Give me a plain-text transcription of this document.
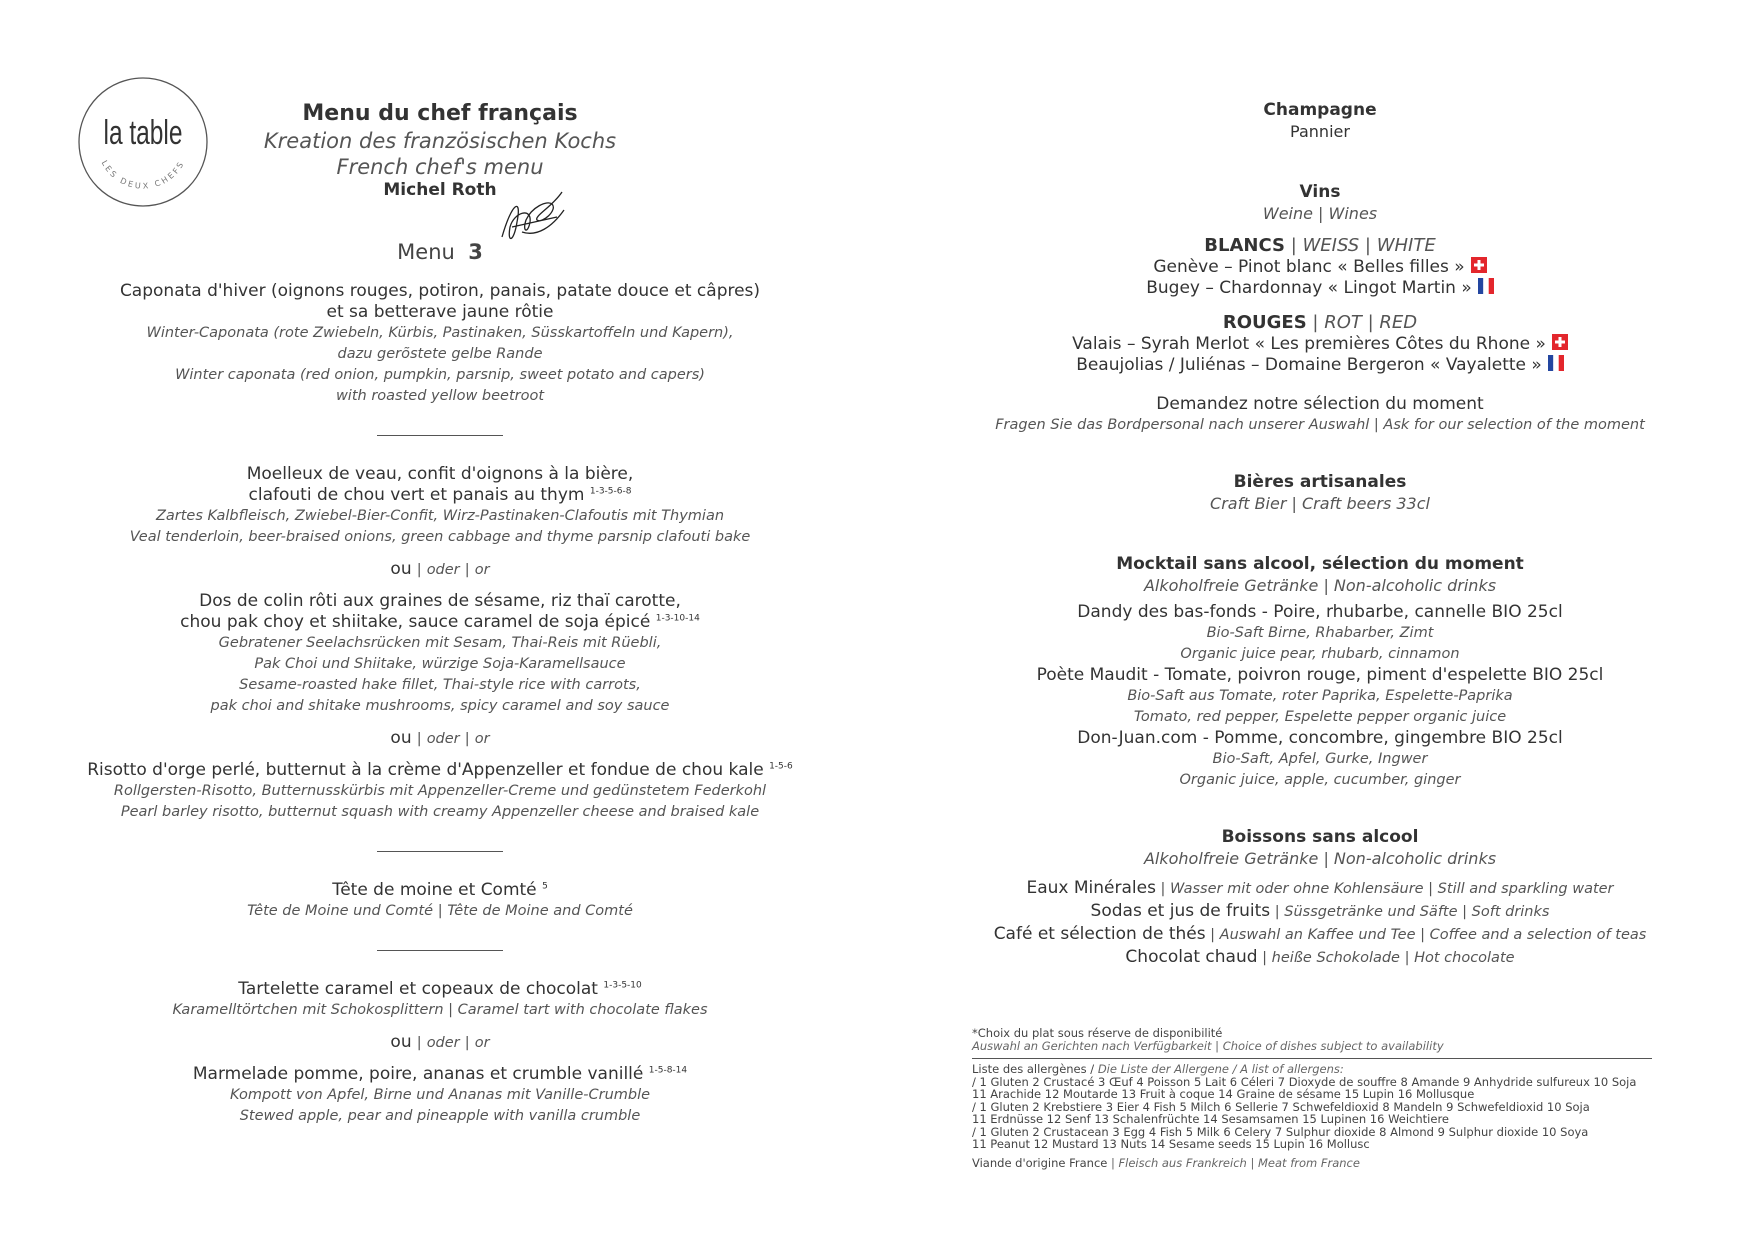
LES DEUX CHEFS
la table
Menu du chef français
Kreation des französischen Kochs
French chef's menu
Michel Roth
Menu 3
Caponata d'hiver (oignons rouges, potiron, panais, patate douce et câpres)
et sa betterave jaune rôtie
Winter-Caponata (rote Zwiebeln, Kürbis, Pastinaken, Süsskartoffeln und Kapern),
dazu gerõstete gelbe Rande
Winter caponata (red onion, pumpkin, parsnip, sweet potato and capers)
with roasted yellow beetroot
Moelleux de veau, confit d'oignons à la bière,
clafouti de chou vert et panais au thym $^{1-3-5-6-8}$
Zartes Kalbfleisch, Zwiebel-Bier-Confit, Wirz-Pastinaken-Clafoutis mit Thymian
Veal tenderloin, beer-braised onions, green cabbage and thyme parsnip clafouti bake
ou | oder | or
Dos de colin rôti aux graines de sésame, riz thaï carotte,
chou pak choy et shiitake, sauce caramel de soja épicé $^{1-3-10-14}$
Gebratener Seelachsrücken mit Sesam, Thai-Reis mit Rüebli,
Pak Choi und Shiitake, würzige Soja-Karamellsauce
Sesame-roasted hake fillet, Thai-style rice with carrots,
pak choi and shitake mushrooms, spicy caramel and soy sauce
ou | oder | or
Risotto d'orge perlé, butternut à la crème d'Appenzeller et fondue de chou kale $^{1-5-6}$
Rollgersten-Risotto, Butternusskürbis mit Appenzeller-Creme und gedünstetem Federkohl
Pearl barley risotto, butternut squash with creamy Appenzeller cheese and braised kale
Tête de moine et Comté $^5$
Tête de Moine und Comté | Tête de Moine and Comté
Tartelette caramel et copeaux de chocolat $^{1-3-5-10}$
Karamelltörtchen mit Schokosplittern | Caramel tart with chocolate flakes
ou | oder | or
Marmelade pomme, poire, ananas et crumble vanillé $^{1-5-8-14}$
Kompott von Apfel, Birne und Ananas mit Vanille-Crumble
Stewed apple, pear and pineapple with vanilla crumble
Champagne
Pannier
Vins
Weine | Wines
BLANCS | WEISS | WHITE
Genève – Pinot blanc « Belles filles »
Bugey – Chardonnay « Lingot Martin »
ROUGES | ROT | RED
Valais – Syrah Merlot « Les premières Côtes du Rhone »
Beaujolias / Juliénas – Domaine Bergeron « Vayalette »
Demandez notre sélection du moment
Fragen Sie das Bordpersonal nach unserer Auswahl | Ask for our selection of the moment
Bières artisanales
Craft Bier | Craft beers 33cl
Mocktail sans alcool, sélection du moment
Alkoholfreie Getränke | Non-alcoholic drinks
Dandy des bas-fonds - Poire, rhubarbe, cannelle BIO 25cl
Bio-Saft Birne, Rhabarber, Zimt
Organic juice pear, rhubarb, cinnamon
Poète Maudit - Tomate, poivron rouge, piment d'espelette BIO 25cl
Bio-Saft aus Tomate, roter Paprika, Espelette-Paprika
Tomato, red pepper, Espelette pepper organic juice
Don-Juan.com - Pomme, concombre, gingembre BIO 25cl
Bio-Saft, Apfel, Gurke, Ingwer
Organic juice, apple, cucumber, ginger
Boissons sans alcool
Alkoholfreie Getränke | Non-alcoholic drinks
Eaux Minérales | Wasser mit oder ohne Kohlensäure | Still and sparkling water
Sodas et jus de fruits | Süssgetränke und Säfte | Soft drinks
Café et sélection de thés | Auswahl an Kaffee und Tee | Coffee and a selection of teas
Chocolat chaud | heiße Schokolade | Hot chocolate
*Choix du plat sous réserve de disponibilité
Auswahl an Gerichten nach Verfügbarkeit | Choice of dishes subject to availability
Liste des allergènes / Die Liste der Allergene / A list of allergens:
/ 1 Gluten 2 Crustacé 3 Œuf 4 Poisson 5 Lait 6 Céleri 7 Dioxyde de souffre 8 Amande 9 Anhydride sulfureux 10 Soja
11 Arachide 12 Moutarde 13 Fruit à coque 14 Graine de sésame 15 Lupin 16 Mollusque
/ 1 Gluten 2 Krebstiere 3 Eier 4 Fish 5 Milch 6 Sellerie 7 Schwefeldioxid 8 Mandeln 9 Schwefeldioxid 10 Soja
11 Erdnüsse 12 Senf 13 Schalenfrüchte 14 Sesamsamen 15 Lupinen 16 Weichtiere
/ 1 Gluten 2 Crustacean 3 Egg 4 Fish 5 Milk 6 Celery 7 Sulphur dioxide 8 Almond 9 Sulphur dioxide 10 Soya
11 Peanut 12 Mustard 13 Nuts 14 Sesame seeds 15 Lupin 16 Mollusc
Viande d'origine France | Fleisch aus Frankreich | Meat from France
